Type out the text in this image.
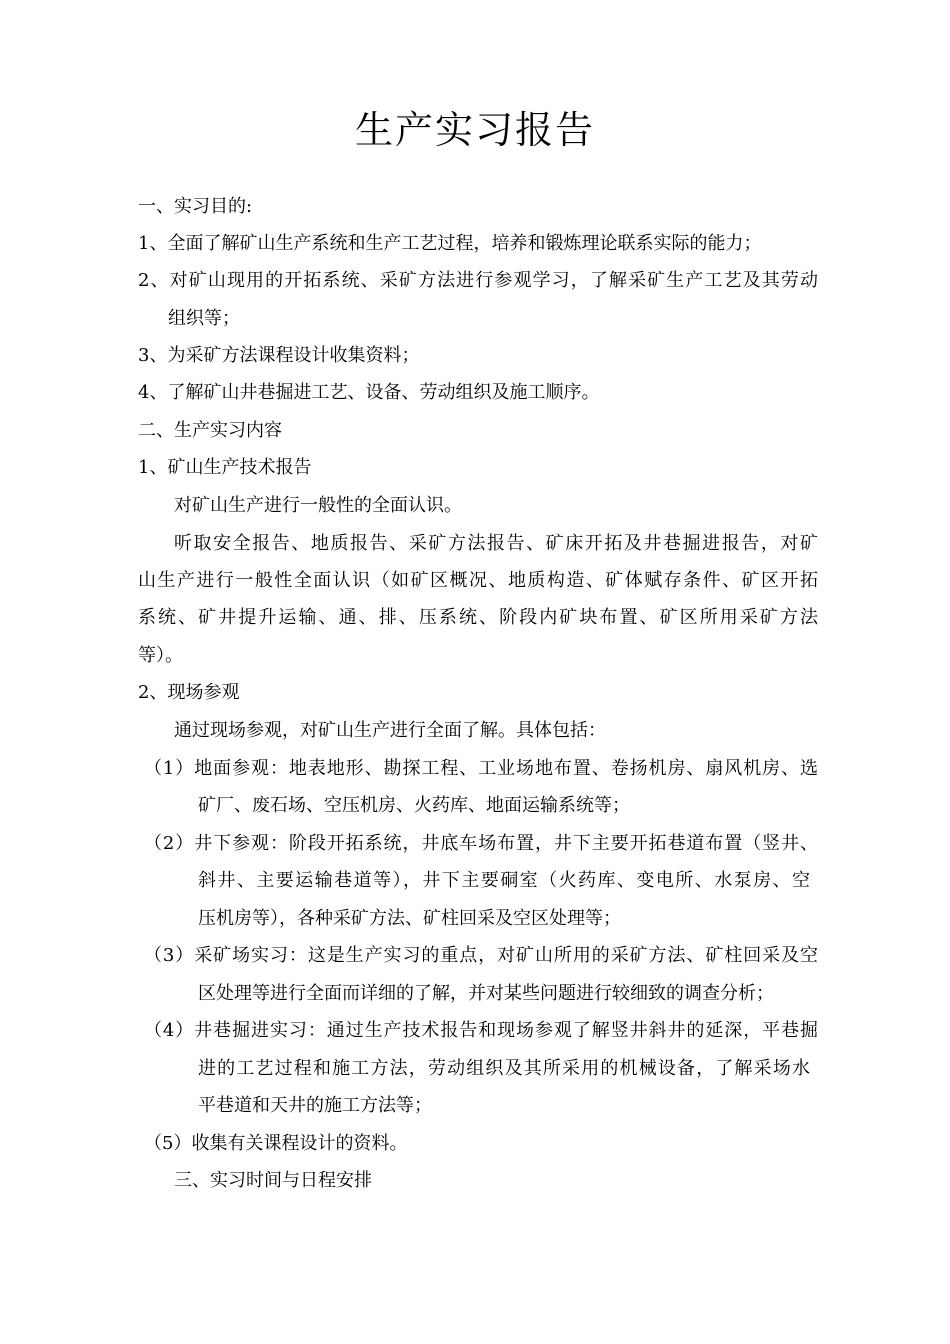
生产实习报告
一、实习目的:
1、全面了解矿山生产系统和生产工艺过程，培养和锻炼理论联系实际的能力；
2、对矿山现用的开拓系统、采矿方法进行参观学习，了解采矿生产工艺及其劳动
组织等；
3、为采矿方法课程设计收集资料；
4、了解矿山井巷掘进工艺、设备、劳动组织及施工顺序。
二、生产实习内容
1、矿山生产技术报告
对矿山生产进行一般性的全面认识。
听取安全报告、地质报告、采矿方法报告、矿床开拓及井巷掘进报告，对矿
山生产进行一般性全面认识（如矿区概况、地质构造、矿体赋存条件、矿区开拓
系统、矿井提升运输、通、排、压系统、阶段内矿块布置、矿区所用采矿方法
等）。
2、现场参观
通过现场参观，对矿山生产进行全面了解。具体包括：
（1）地面参观：地表地形、勘探工程、工业场地布置、卷扬机房、扇风机房、选
矿厂、废石场、空压机房、火药库、地面运输系统等；
（2）井下参观：阶段开拓系统，井底车场布置，井下主要开拓巷道布置（竖井、
斜井、主要运输巷道等），井下主要硐室（火药库、变电所、水泵房、空
压机房等），各种采矿方法、矿柱回采及空区处理等；
（3）采矿场实习：这是生产实习的重点，对矿山所用的采矿方法、矿柱回采及空
区处理等进行全面而详细的了解，并对某些问题进行较细致的调查分析；
（4）井巷掘进实习：通过生产技术报告和现场参观了解竖井斜井的延深，平巷掘
进的工艺过程和施工方法，劳动组织及其所采用的机械设备，了解采场水
平巷道和天井的施工方法等；
（5）收集有关课程设计的资料。
三、实习时间与日程安排
